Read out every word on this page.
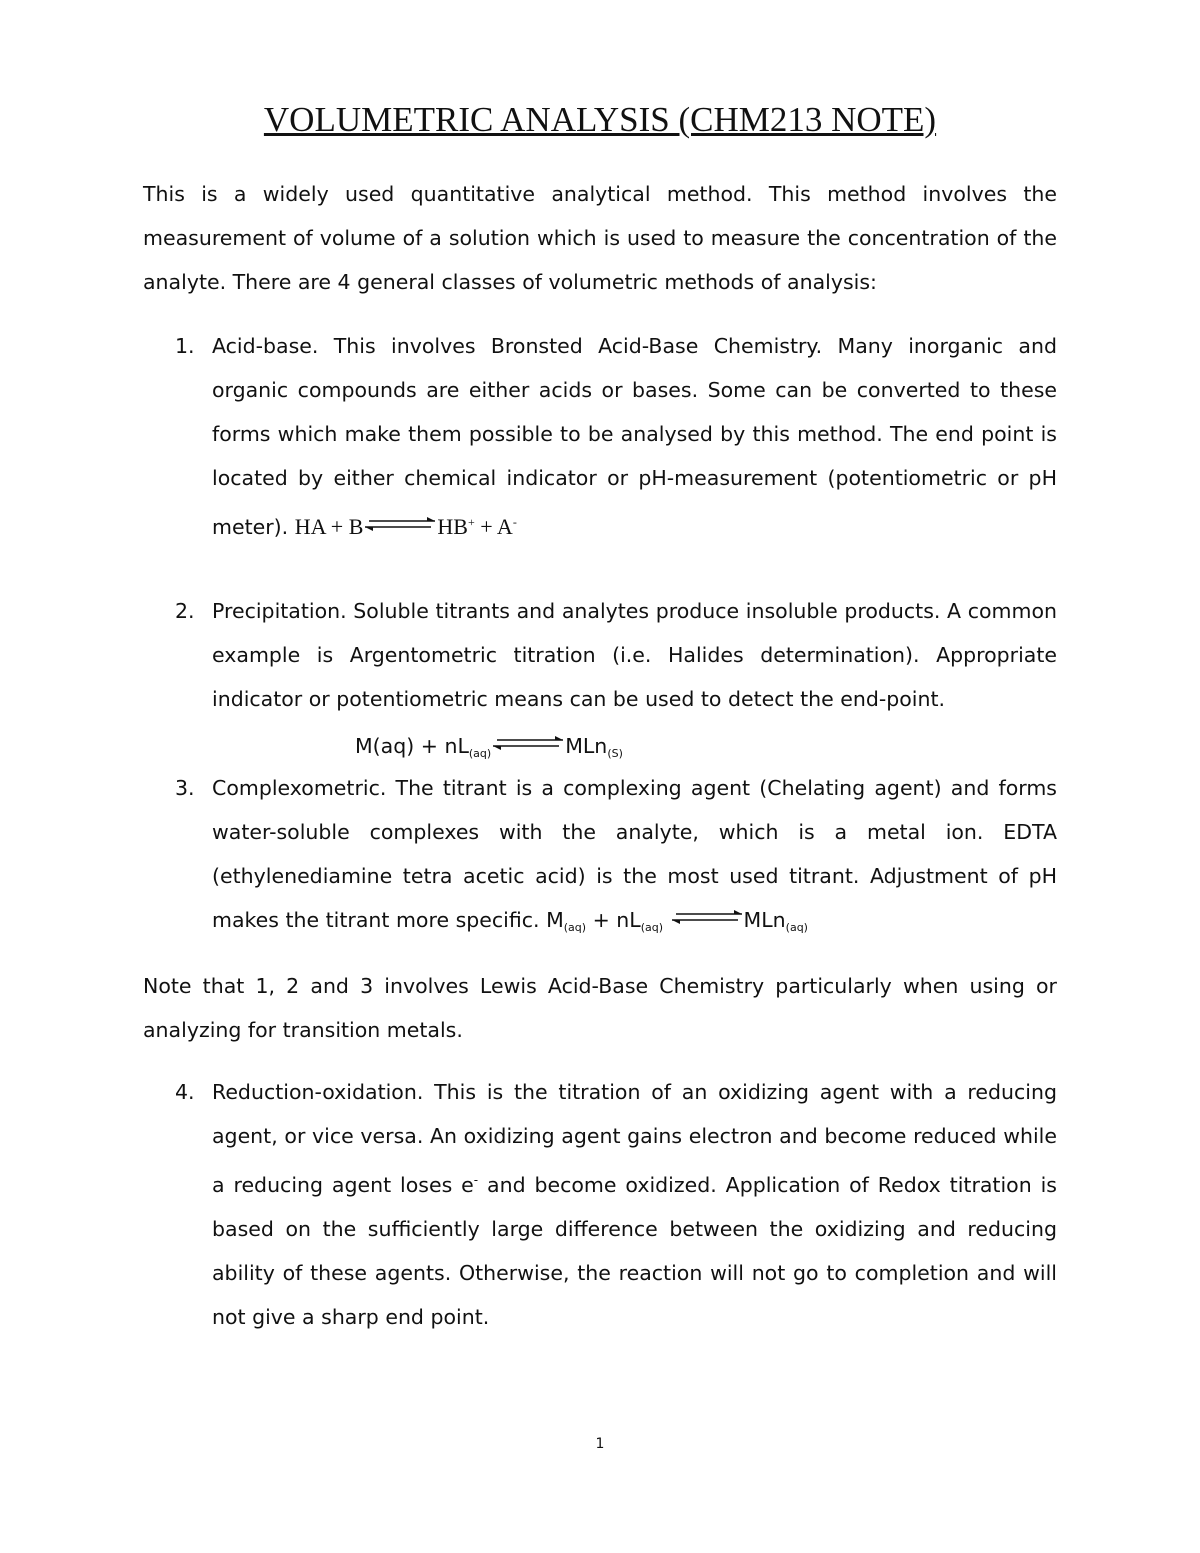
VOLUMETRIC ANALYSIS (CHM213 NOTE)

This is a widely used quantitative analytical method. This method involves the measurement of volume of a solution which is used to measure the concentration of the analyte. There are 4 general classes of volumetric methods of analysis:

1. Acid-base. This involves Bronsted Acid-Base Chemistry. Many inorganic and organic compounds are either acids or bases. Some can be converted to these forms which make them possible to be analysed by this method. The end point is located by either chemical indicator or pH-measurement (potentiometric or pH meter). HA + B⇌HB+ + A-

2. Precipitation. Soluble titrants and analytes produce insoluble products. A common example is Argentometric titration (i.e. Halides determination). Appropriate indicator or potentiometric means can be used to detect the end-point.

$M(aq) + nL_{(aq)}$ ⇌MLn$_{(S)}$
3. Complexometric. The titrant is a complexing agent (Chelating agent) and forms water-soluble complexes with the analyte, which is a metal ion. EDTA (ethylenediamine tetra acetic acid) is the most used titrant. Adjustment of pH makes the titrant more specific. $M_{(aq)} + nL_{(aq)}$ ⇌MLn$_{(aq)}$

Note that 1, 2 and 3 involves Lewis Acid-Base Chemistry particularly when using or analyzing for transition metals.

4. Reduction-oxidation. This is the titration of an oxidizing agent with a reducing agent, or vice versa. An oxidizing agent gains electron and become reduced while a reducing agent loses e- and become oxidized. Application of Redox titration is based on the sufficiently large difference between the oxidizing and reducing ability of these agents. Otherwise, the reaction will not go to completion and will not give a sharp end point.

1
